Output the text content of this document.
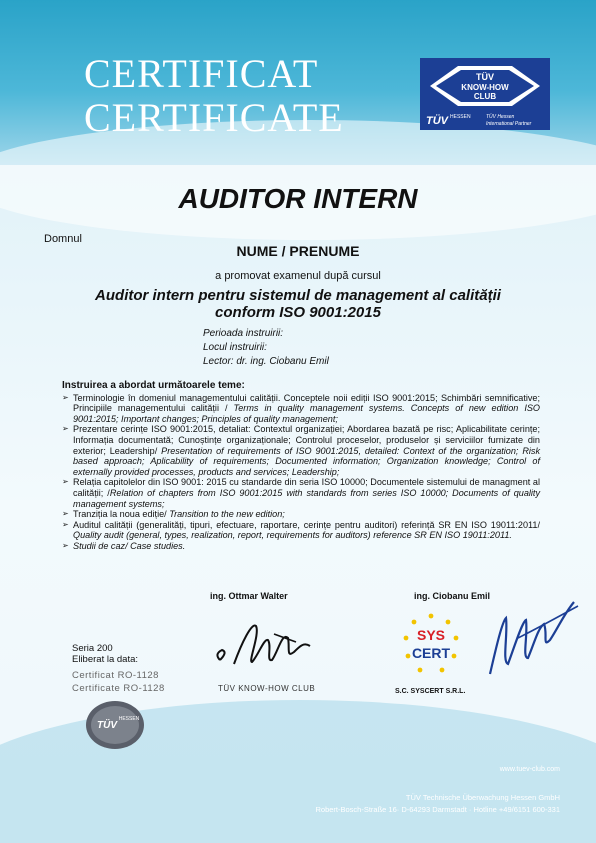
CERTIFICAT
CERTIFICATE
TÜV
KNOW-HOW
CLUB
TÜV HESSEN	TÜV Hessen
International Partner
AUDITOR INTERN
Domnul
NUME / PRENUME
a promovat examenul după cursul
Auditor intern pentru sistemul de management al calității
conform ISO 9001:2015
Perioada instruirii:
Locul instruirii:
Lector: dr. ing. Ciobanu Emil
Instruirea a abordat următoarele teme:
➢ Terminologie în domeniul managementului calității. Conceptele noii ediții ISO 9001:2015; Schimbări semnificative; Principiile managementului calității / Terms in quality management systems. Concepts of new edition ISO 9001:2015; Important changes; Principles of quality management;
➢ Prezentare cerințe ISO 9001:2015, detaliat: Contextul organizației; Abordarea bazată pe risc; Aplicabilitate cerințe; Informația documentată; Cunoștințe organizaționale; Controlul proceselor, produselor și serviciilor furnizate din exterior; Leadership/ Presentation of requirements of ISO 9001:2015, detailed: Context of the organization; Risk based approach; Aplicability of requirements; Documented information; Organization knowledge; Control of externally provided processes, products and services; Leadership;
➢ Relația capitolelor din ISO 9001: 2015 cu standarde din seria ISO 10000; Documentele sistemului de managment al calității; /Relation of chapters from ISO 9001:2015 with standards from series ISO 10000; Documents of quality management systems;
➢ Tranziția la noua ediție/ Transition to the new edition;
➢ Auditul calității (generalități, tipuri, efectuare, raportare, cerințe pentru auditori) referință SR EN ISO 19011:2011/ Quality audit (general, types, realization, report, requirements for auditors) reference SR EN ISO 19011:2011.
➢ Studii de caz/ Case studies.
ing. Ottmar Walter	ing. Ciobanu Emil
TÜV KNOW-HOW CLUB
SYS
CERT
S.C. SYSCERT S.R.L.
Seria 200
Eliberat la data:
Certificat RO-1128
Certificate RO-1128
TÜV
HESSEN
www.tuev-club.com
TÜV Technische Überwachung Hessen GmbH
Robert-Bosch-Straße 16· D-64293 Darmstadt · Hotline +49/6151 600-331
